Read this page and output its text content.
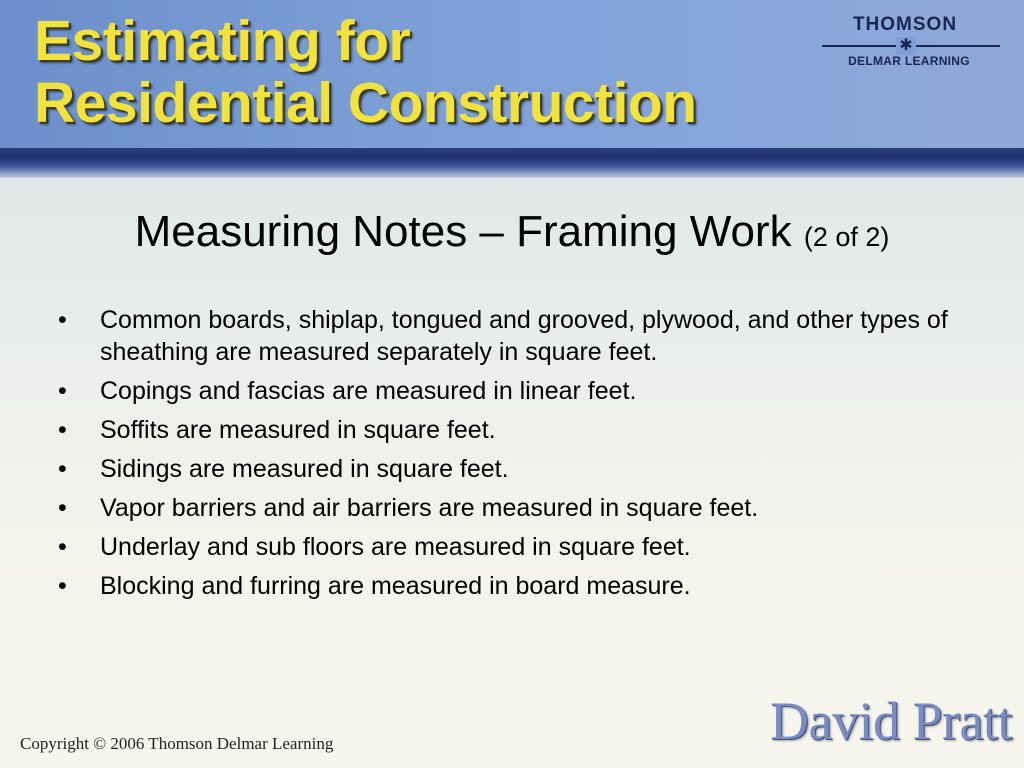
Estimating for
Residential Construction
THOMSON
✱
DELMAR LEARNING
Measuring Notes – Framing Work (2 of 2)
• Common boards, shiplap, tongued and grooved, plywood, and other types of sheathing are measured separately in square feet.
• Copings and fascias are measured in linear feet.
• Soffits are measured in square feet.
• Sidings are measured in square feet.
• Vapor barriers and air barriers are measured in square feet.
• Underlay and sub floors are measured in square feet.
• Blocking and furring are measured in board measure.
Copyright © 2006 Thomson Delmar Learning	David Pratt
